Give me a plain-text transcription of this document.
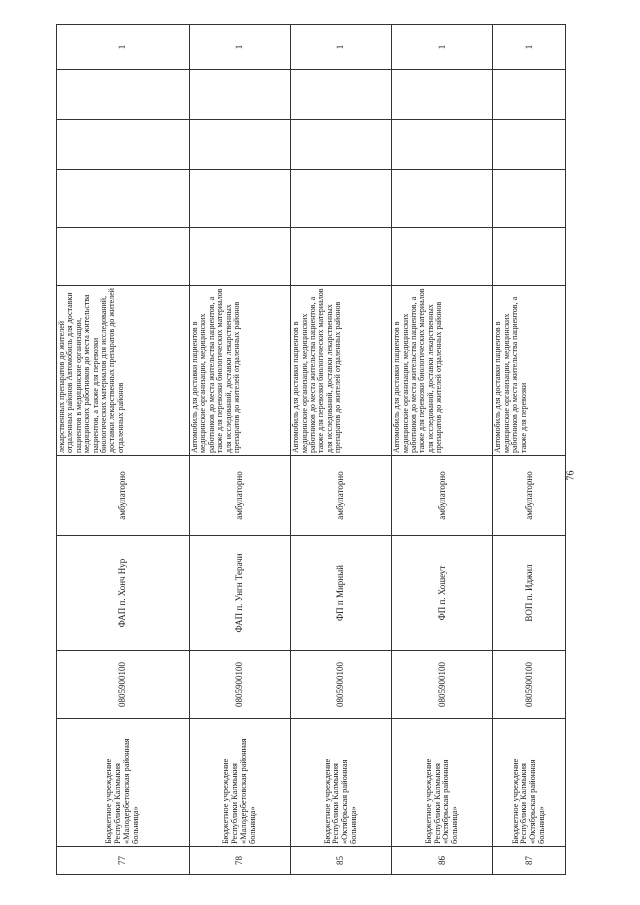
77	Бюджетное учреждение Республики Калмыкия «Малодербетовская районная больница»	0805900100	ФАП п. Хонч Нур	амбулаторно	лекарственных препаратов до жителей отдаленных районов Автомобиль для доставки пациентов в медицинские организации, медицинских работников до места жительства пациентов, а также для перевозки биологических материалов для исследований, доставки лекарственных препаратов до жителей отдаленных районов					1
78	Бюджетное учреждение Республики Калмыкия «Малодербетовская районная больница»	0805900100	ФАП п. Унгн Терачи	амбулаторно	Автомобиль для доставки пациентов в медицинские организации, медицинских работников до места жительства пациентов, а также для перевозки биологических материалов для исследований, доставки лекарственных препаратов до жителей отдаленных районов					1
85	Бюджетное учреждение Республики Калмыкия «Октябрьская районная больница»	0805900100	ФП п Мирный	амбулаторно	Автомобиль для доставки пациентов в медицинские организации, медицинских работников до места жительства пациентов, а также для перевозки биологических материалов для исследований, доставки лекарственных препаратов до жителей отдаленных районов					1
86	Бюджетное учреждение Республики Калмыкия «Октябрьская районная больница»	0805900100	ФП п. Хошеут	амбулаторно	Автомобиль для доставки пациентов в медицинские организации, медицинских работников до места жительства пациентов, а также для перевозки биологических материалов для исследований, доставки лекарственных препаратов до жителей отдаленных районов					1
87	Бюджетное учреждение Республики Калмыкия «Октябрьская районная больница»	0805900100	ВОП п. Иджил	амбулаторно	Автомобиль для доставки пациентов в медицинские организации, медицинских работников до места жительства пациентов, а также для перевозки					1
76
